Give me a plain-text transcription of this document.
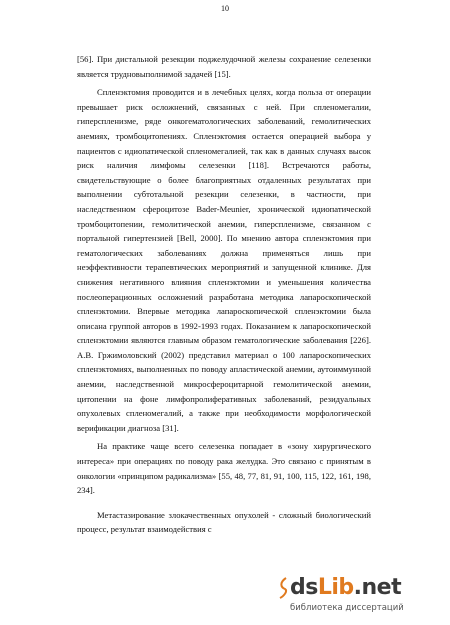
10

[56]. При дистальной резекции поджелудочной железы сохранение селезенки является трудновыполнимой задачей [15].

Спленэктомия проводится и в лечебных целях, когда польза от операции превышает риск осложнений, связанных с ней. При спленомегалии, гиперспленизме, ряде онкогематологических заболеваний, гемолитических анемиях, тромбоцитопениях. Спленэктомия остается операцией выбора у пациентов с идиопатической спленомегалией, так как в данных случаях высок риск наличия лимфомы селезенки [118]. Встречаются работы, свидетельствующие о более благоприятных отдаленных результатах при выполнении субтотальной резекции селезенки, в частности, при наследственном сфероцитозе Bader-Meunier, хронической идиопатической тромбоцитопении, гемолитической анемии, гиперспленизме, связанном с портальной гипертензией [Bell, 2000]. По мнению автора спленэктомия при гематологических заболеваниях должна применяться лишь при неэффективности терапевтических мероприятий и запущенной клинике. Для снижения негативного влияния спленэктомии и уменьшения количества послеоперационных осложнений разработана методика лапароскопической спленэктомии. Впервые методика лапароскопической спленэктомии была описана группой авторов в 1992-1993 годах. Показанием к лапароскопической спленэктомии являются главным образом гематологические заболевания [226]. А.В. Гржимоловский (2002) представил материал о 100 лапароскопических спленэктомиях, выполненных по поводу апластической анемии, аутоиммунной анемии, наследственной микросфероцитарной гемолитической анемии, цитопении на фоне лимфопролиферативных заболеваний, резидуальных опухолевых спленомегалий, а также при необходимости морфологической верификации диагноза [31].

На практике чаще всего селезенка попадает в «зону хирургического интереса» при операциях по поводу рака желудка. Это связано с принятым в онкологии «принципом радикализма» [55, 48, 77, 81, 91, 100, 115, 122, 161, 198, 234].

Метастазирование злокачественных опухолей - сложный биологический процесс, результат взаимодействия с

dsLib.net
библиотека диссертаций
